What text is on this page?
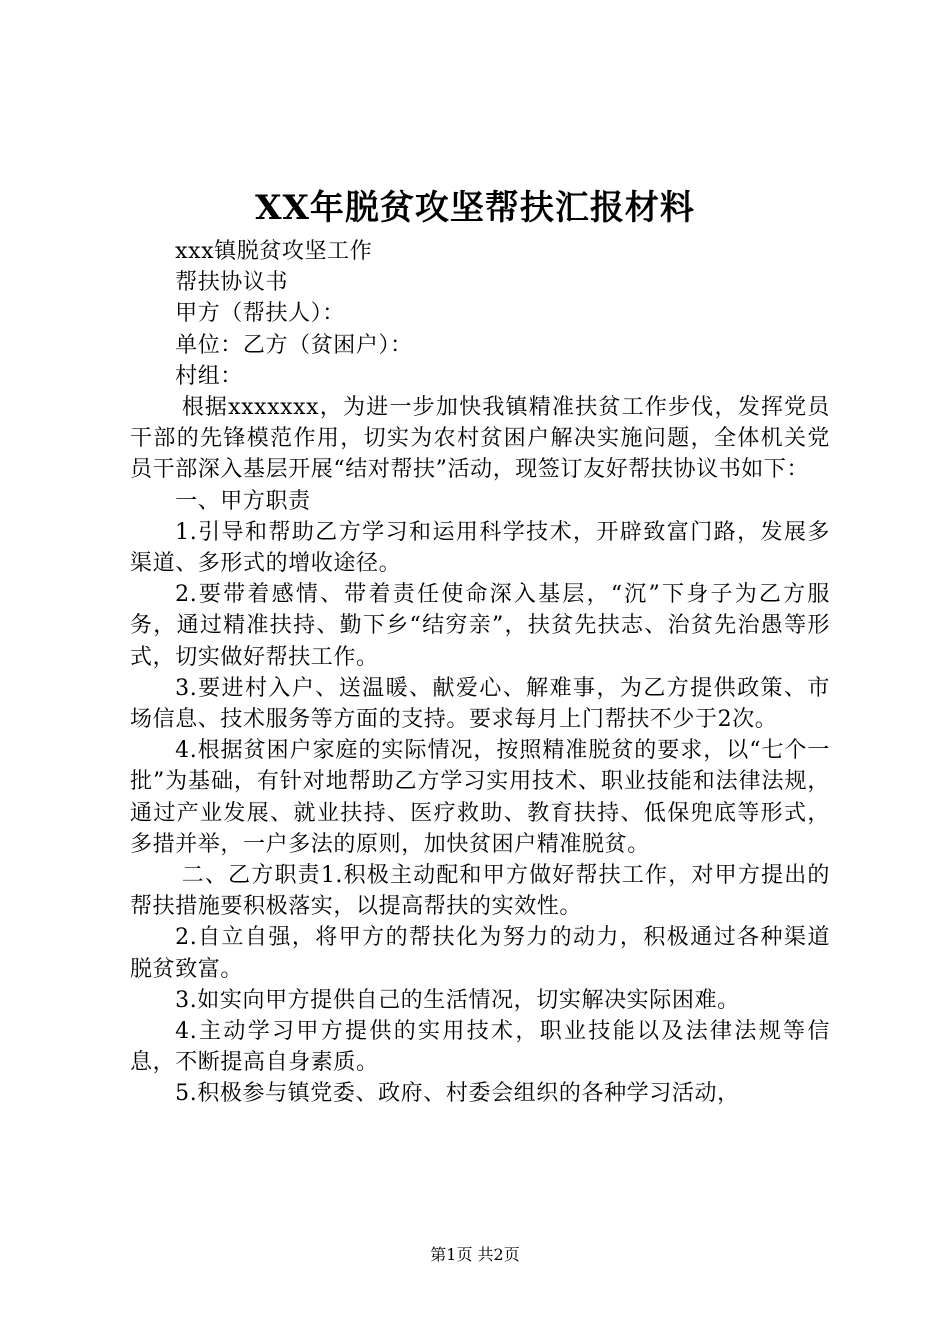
XX年脱贫攻坚帮扶汇报材料

xxx镇脱贫攻坚工作

帮扶协议书

甲方（帮扶人）：

单位：乙方（贫困户）：

村组：

根据xxxxxxx，为进一步加快我镇精准扶贫工作步伐，发挥党员干部的先锋模范作用，切实为农村贫困户解决实施问题，全体机关党员干部深入基层开展“结对帮扶”活动，现签订友好帮扶协议书如下：

一、甲方职责

1.引导和帮助乙方学习和运用科学技术，开辟致富门路，发展多渠道、多形式的增收途径。

2.要带着感情、带着责任使命深入基层，“沉”下身子为乙方服务，通过精准扶持、勤下乡“结穷亲”，扶贫先扶志、治贫先治愚等形式，切实做好帮扶工作。

3.要进村入户、送温暖、献爱心、解难事，为乙方提供政策、市场信息、技术服务等方面的支持。要求每月上门帮扶不少于2次。

4.根据贫困户家庭的实际情况，按照精准脱贫的要求，以“七个一批”为基础，有针对地帮助乙方学习实用技术、职业技能和法律法规，通过产业发展、就业扶持、医疗救助、教育扶持、低保兜底等形式，多措并举，一户多法的原则，加快贫困户精准脱贫。

二、乙方职责1.积极主动配和甲方做好帮扶工作，对甲方提出的帮扶措施要积极落实，以提高帮扶的实效性。

2.自立自强，将甲方的帮扶化为努力的动力，积极通过各种渠道脱贫致富。

3.如实向甲方提供自己的生活情况，切实解决实际困难。

4.主动学习甲方提供的实用技术，职业技能以及法律法规等信息，不断提高自身素质。

5.积极参与镇党委、政府、村委会组织的各种学习活动，

第1页 共2页
